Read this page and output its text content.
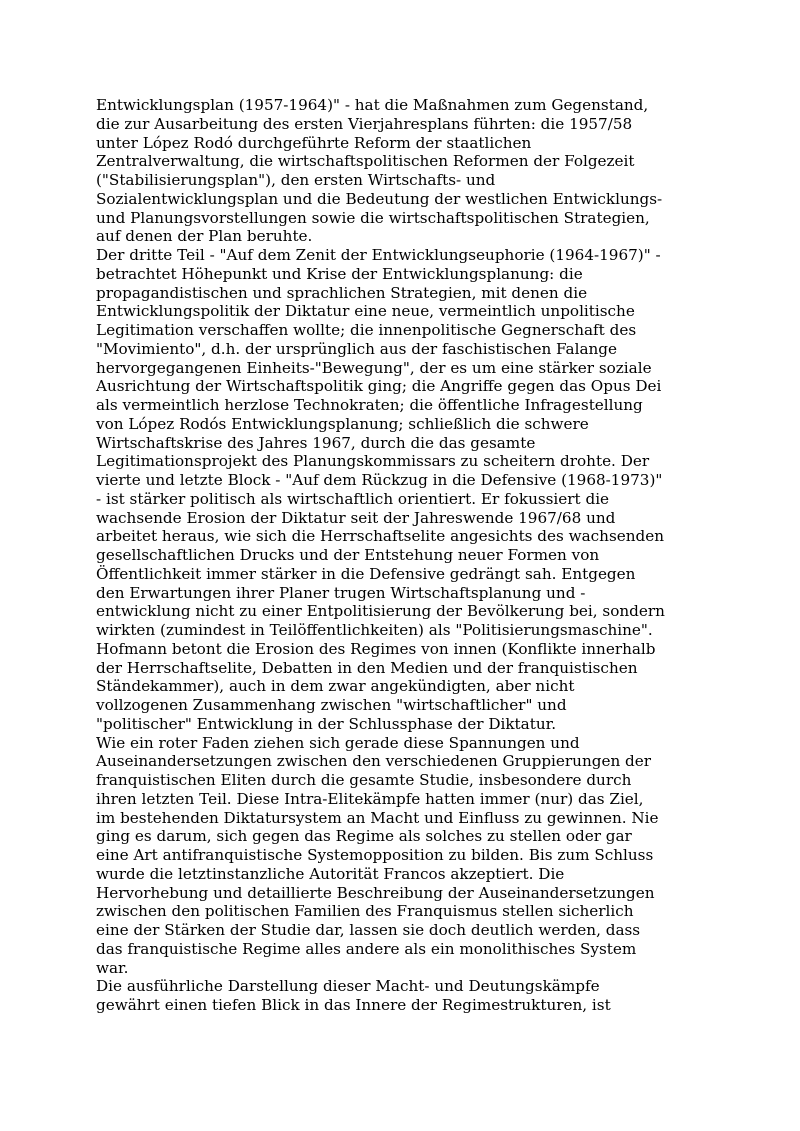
Entwicklungsplan (1957-1964)" - hat die Maßnahmen zum Gegenstand,
die zur Ausarbeitung des ersten Vierjahresplans führten: die 1957/58
unter López Rodó durchgeführte Reform der staatlichen
Zentralverwaltung, die wirtschaftspolitischen Reformen der Folgezeit
("Stabilisierungsplan"), den ersten Wirtschafts- und
Sozialentwicklungsplan und die Bedeutung der westlichen Entwicklungs-
und Planungsvorstellungen sowie die wirtschaftspolitischen Strategien,
auf denen der Plan beruhte.
Der dritte Teil - "Auf dem Zenit der Entwicklungseuphorie (1964-1967)" -
betrachtet Höhepunkt und Krise der Entwicklungsplanung: die
propagandistischen und sprachlichen Strategien, mit denen die
Entwicklungspolitik der Diktatur eine neue, vermeintlich unpolitische
Legitimation verschaffen wollte; die innenpolitische Gegnerschaft des
"Movimiento", d.h. der ursprünglich aus der faschistischen Falange
hervorgegangenen Einheits-"Bewegung", der es um eine stärker soziale
Ausrichtung der Wirtschaftspolitik ging; die Angriffe gegen das Opus Dei
als vermeintlich herzlose Technokraten; die öffentliche Infragestellung
von López Rodós Entwicklungsplanung; schließlich die schwere
Wirtschaftskrise des Jahres 1967, durch die das gesamte
Legitimationsprojekt des Planungskommissars zu scheitern drohte. Der
vierte und letzte Block - "Auf dem Rückzug in die Defensive (1968-1973)"
- ist stärker politisch als wirtschaftlich orientiert. Er fokussiert die
wachsende Erosion der Diktatur seit der Jahreswende 1967/68 und
arbeitet heraus, wie sich die Herrschaftselite angesichts des wachsenden
gesellschaftlichen Drucks und der Entstehung neuer Formen von
Öffentlichkeit immer stärker in die Defensive gedrängt sah. Entgegen
den Erwartungen ihrer Planer trugen Wirtschaftsplanung und -
entwicklung nicht zu einer Entpolitisierung der Bevölkerung bei, sondern
wirkten (zumindest in Teilöffentlichkeiten) als "Politisierungsmaschine".
Hofmann betont die Erosion des Regimes von innen (Konflikte innerhalb
der Herrschaftselite, Debatten in den Medien und der franquistischen
Ständekammer), auch in dem zwar angekündigten, aber nicht
vollzogenen Zusammenhang zwischen "wirtschaftlicher" und
"politischer" Entwicklung in der Schlussphase der Diktatur.
Wie ein roter Faden ziehen sich gerade diese Spannungen und
Auseinandersetzungen zwischen den verschiedenen Gruppierungen der
franquistischen Eliten durch die gesamte Studie, insbesondere durch
ihren letzten Teil. Diese Intra-Elitekämpfe hatten immer (nur) das Ziel,
im bestehenden Diktatursystem an Macht und Einfluss zu gewinnen. Nie
ging es darum, sich gegen das Regime als solches zu stellen oder gar
eine Art antifranquistische Systemopposition zu bilden. Bis zum Schluss
wurde die letztinstanzliche Autorität Francos akzeptiert. Die
Hervorhebung und detaillierte Beschreibung der Auseinandersetzungen
zwischen den politischen Familien des Franquismus stellen sicherlich
eine der Stärken der Studie dar, lassen sie doch deutlich werden, dass
das franquistische Regime alles andere als ein monolithisches System
war.
Die ausführliche Darstellung dieser Macht- und Deutungskämpfe
gewährt einen tiefen Blick in das Innere der Regimestrukturen, ist
